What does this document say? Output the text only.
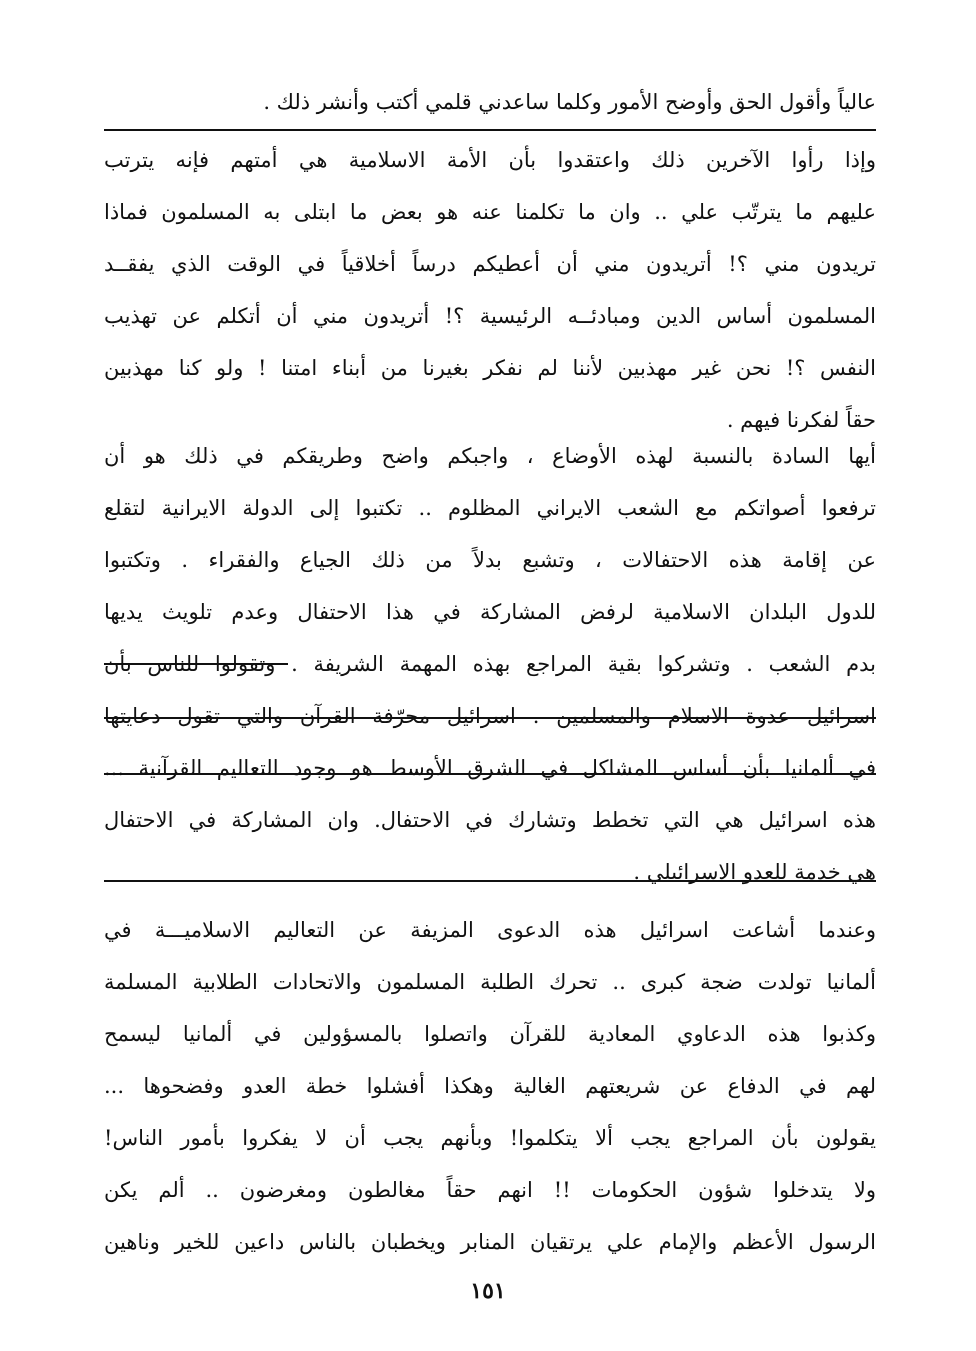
عالياً وأقول الحق وأوضح الأمور وكلما ساعدني قلمي أكتب وأنشر ذلك .
وإذا رأوا الآخرين ذلك واعتقدوا بأن الأمة الاسلامية هي أمتهم فإنه يترتب
عليهم ما يترتّب علي .. وان ما تكلمنا عنه هو بعض ما ابتلى به المسلمون فماذا
تريدون مني ؟! أتريدون مني أن أعطيكم درساً أخلاقياً في الوقت الذي يفقــد
المسلمون أساس الدين ومبادئــه الرئيسية ؟! أتريدون مني أن أتكلم عن تهذيب
النفس ؟! نحن غير مهذبين لأننا لم نفكر بغيرنا من أبناء امتنا ! ولو كنا مهذبين
حقاً لفكرنا فيهم .
أيها السادة بالنسبة لهذه الأوضاع ، واجبكم واضح وطريقكم في ذلك هو أن
ترفعوا أصواتكم مع الشعب الايراني المظلوم .. تكتبوا إلى الدولة الايرانية لتقلع
عن إقامة هذه الاحتفالات ، وتشبع بدلاً من ذلك الجياع والفقراء . وتكتبوا
للدول البلدان الاسلامية لرفض المشاركة في هذا الاحتفال وعدم تلويث يديها
بدم الشعب . وتشركوا بقية المراجع بهذه المهمة الشريفة . وتقولوا للناس بأن
اسرائيل عدوة الاسلام والمسلمين . اسرائيل محرّفة القرآن والتي تقول دعايتها
في ألمانيا بأن أساس المشاكل في الشرق الأوسط هو وجود التعاليم القرآنية ...
هذه اسرائيل هي التي تخطط وتشارك في الاحتفال. وان المشاركة في الاحتفال
هي خدمة للعدو الاسرائيلي .
وعندما أشاعت اسرائيل هذه الدعوى المزيفة عن التعاليم الاسلاميـــة في
ألمانيا تولدت ضجة كبرى .. تحرك الطلبة المسلمون والاتحادات الطلابية المسلمة
وكذبوا هذه الدعاوي المعادية للقرآن واتصلوا بالمسؤولين في ألمانيا ليسمح
لهم في الدفاع عن شريعتهم الغالية وهكذا أفشلوا خطة العدو وفضحوها ...
يقولون بأن المراجع يجب ألا يتكلموا! وبأنهم يجب أن لا يفكروا بأمور الناس!
ولا يتدخلوا شؤون الحكومات !! انهم حقاً مغالطون ومغرضون .. ألم يكن
الرسول الأعظم والإمام علي يرتقيان المنابر ويخطبان بالناس داعين للخير وناهين
١٥١
